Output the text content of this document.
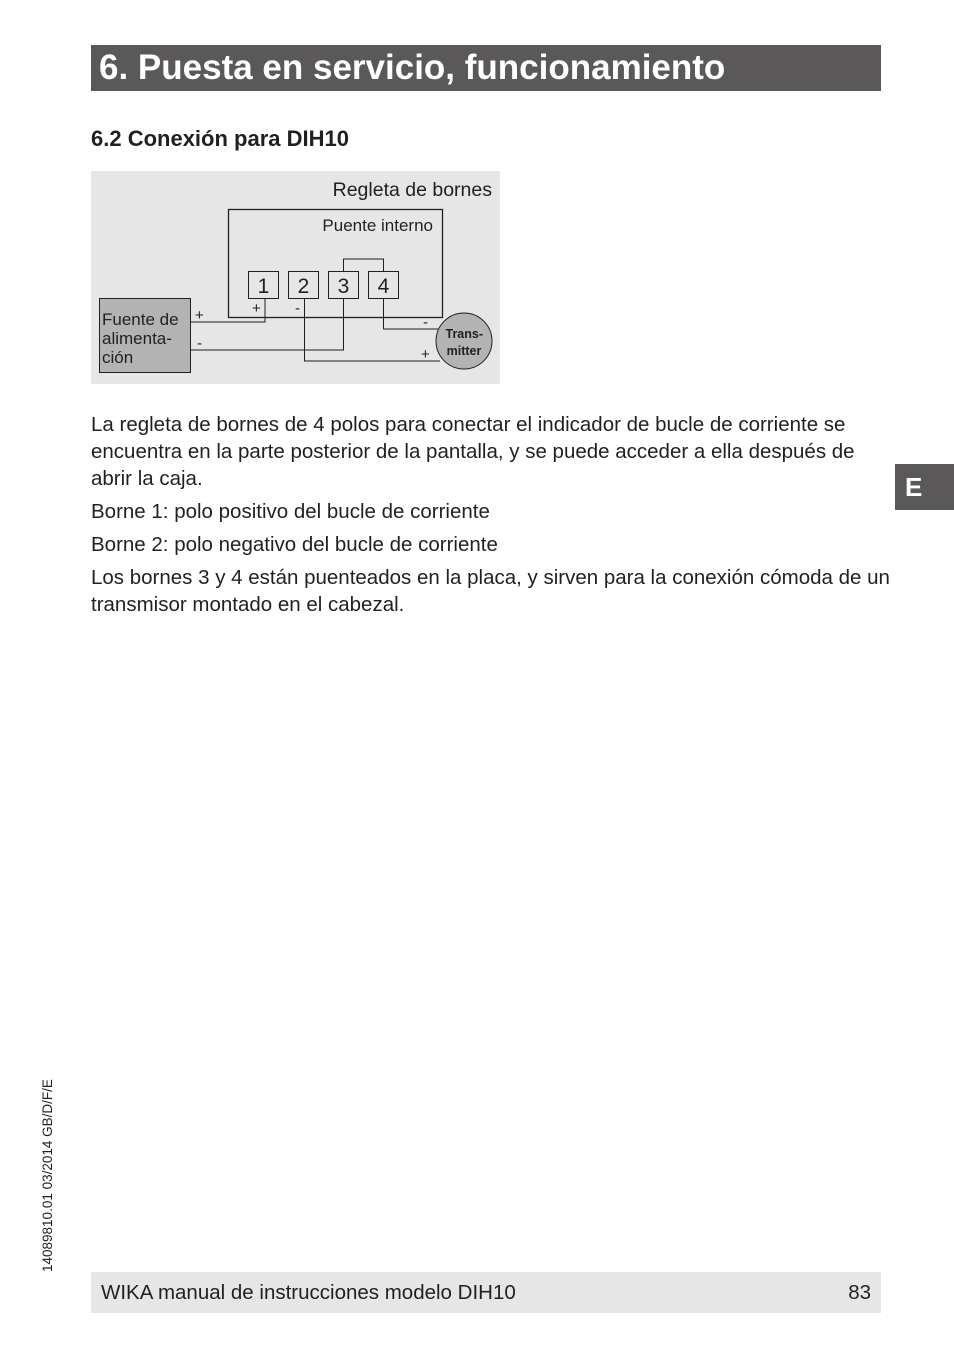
6. Puesta en servicio, funcionamiento
6.2 Conexión para DIH10
Regleta de bornes
Puente interno
1 2 3 4
Fuente de alimenta- ción
Trans- mitter
+
-
+ -
-
+

La regleta de bornes de 4 polos para conectar el indicador de bucle de corriente se encuentra en la parte posterior de la pantalla, y se puede acceder a ella después de abrir la caja.

Borne 1: polo positivo del bucle de corriente

Borne 2: polo negativo del bucle de corriente

Los bornes 3 y 4 están puenteados en la placa, y sirven para la conexión cómoda de un transmisor montado en el cabezal.

E
14089810.01 03/2014 GB/D/F/E
WIKA manual de instrucciones modelo DIH10	83
